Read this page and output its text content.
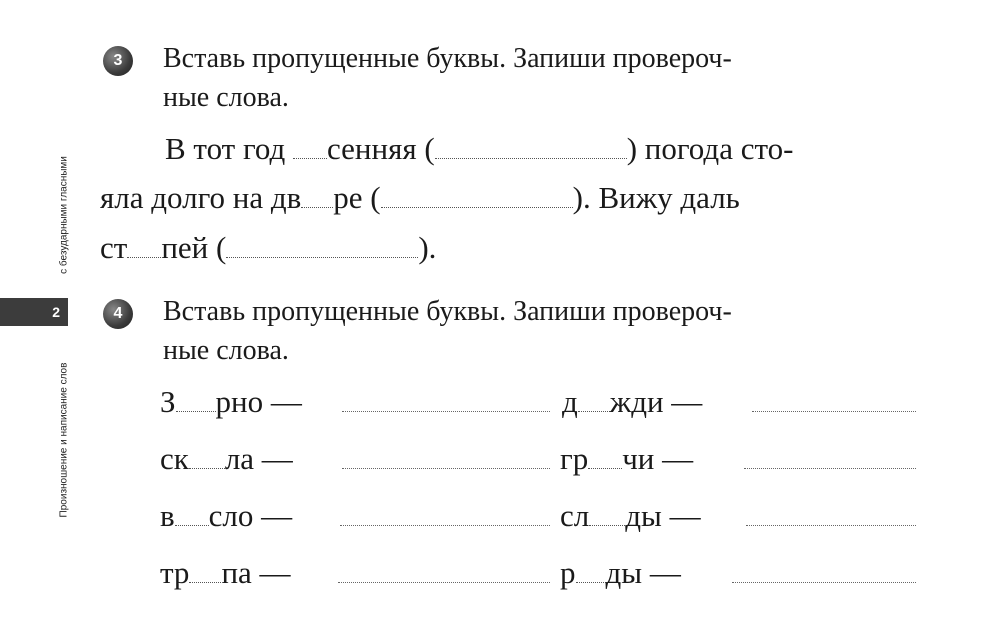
с безударными гласными
2
Произношение и написание слов
3 Вставь пропущенные буквы. Запиши провероч-
ные слова.
В тот год сенняя (	) погода сто-
яла долго на дв ре (	). Вижу даль
ст пей (	).
4 Вставь пропущенные буквы. Запиши провероч-
ные слова.
З рно —	д жди —
ск ла —	гр чи —
в сло —	сл ды —
тр па —	р ды —
